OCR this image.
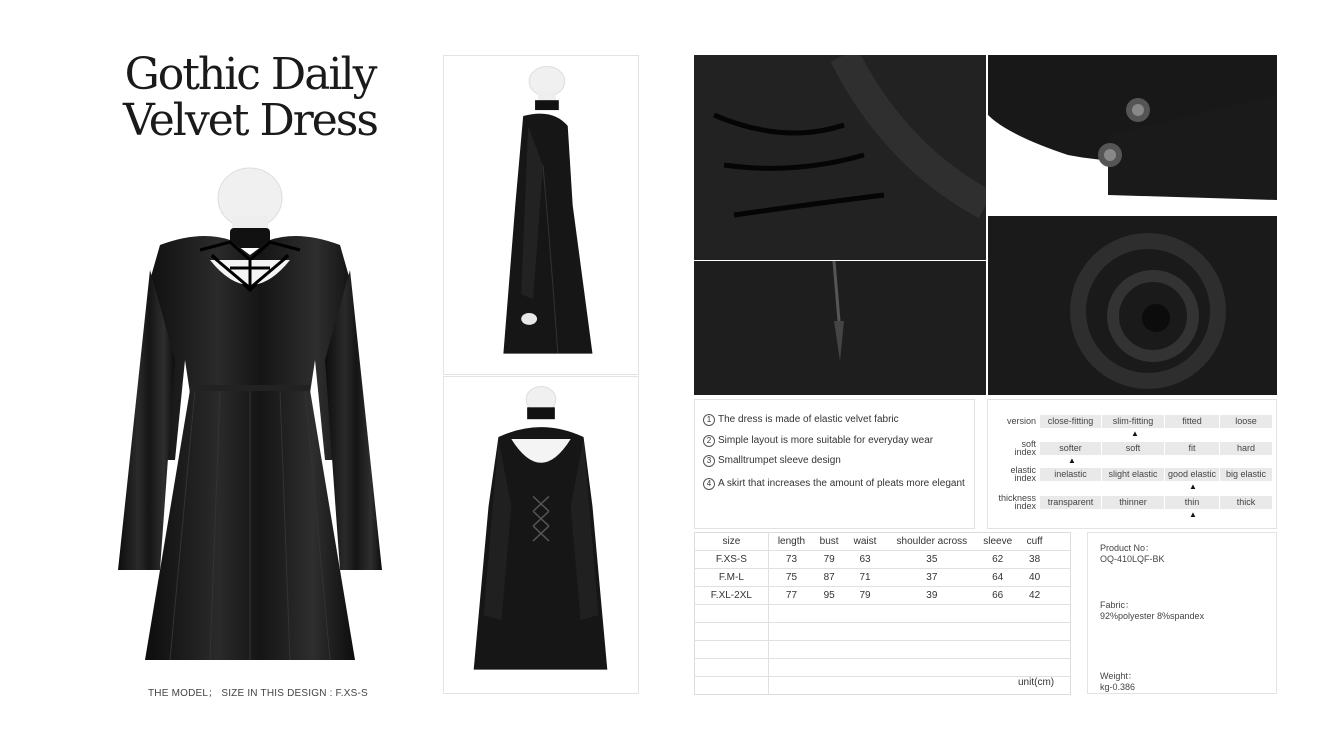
Gothic Daily
Velvet Dress
THE MODEL； SIZE IN THIS DESIGN : F.XS-S
1 The dress is made of elastic velvet fabric
2 Simple layout is more suitable for everyday wear
3 Smalltrumpet sleeve design
4 A skirt that increases the amount of pleats more elegant
version	close-fitting	slim-fitting	fitted	loose
▲
soft index	softer	soft	fit	hard
▲
elastic index	inelastic	slight elastic	good elastic	big elastic
▲
thickness index	transparent	thinner	thin	thick
▲
size	length	bust	waist	shoulder across	sleeve	cuff	
F.XS-S	73	79	63	35	62	38	
F.M-L	75	87	71	37	64	40	
F.XL-2XL	77	95	79	39	66	42	

unit(cm)
Product No：
OQ-410LQF-BK
Fabric：
92%polyester 8%spandex
Weight：
kg-0.386
